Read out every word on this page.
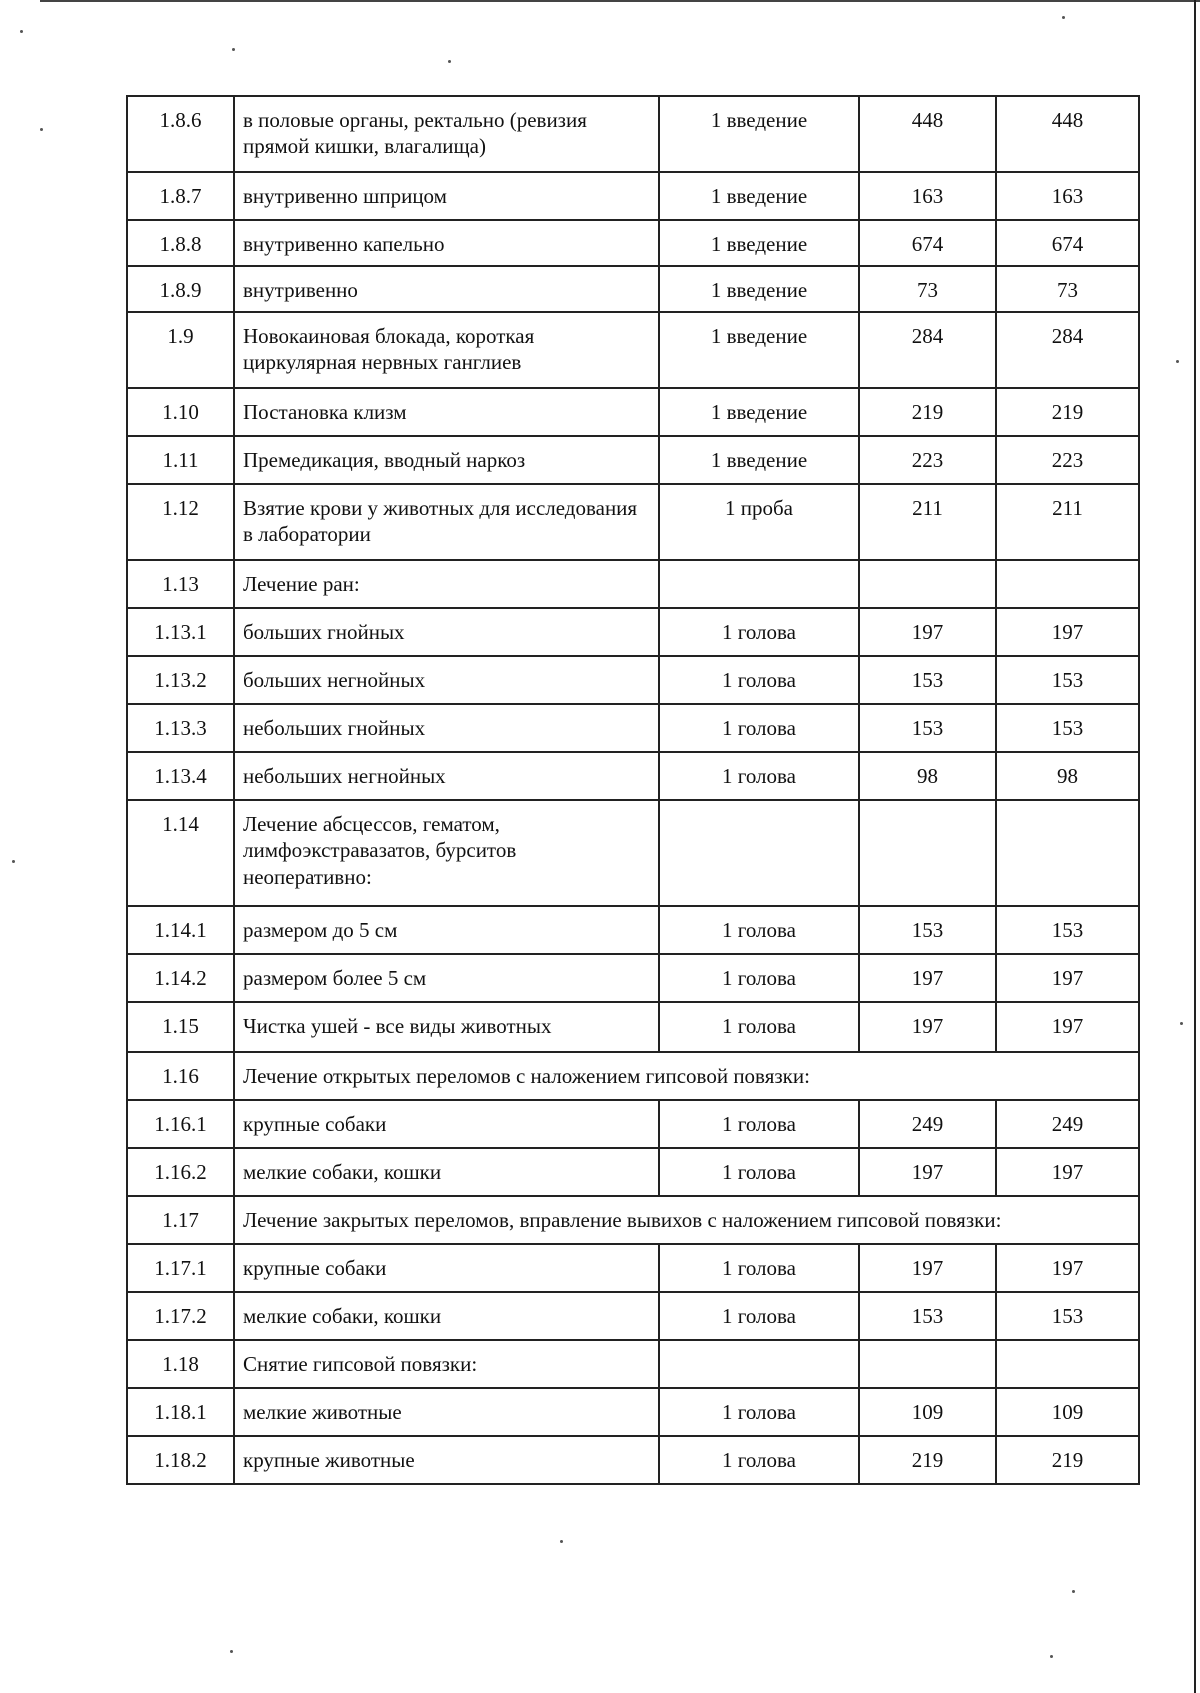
1.8.6	в половые органы, ректально (ревизия прямой кишки, влагалища)	1 введение	448	448
1.8.7	внутривенно шприцом	1 введение	163	163
1.8.8	внутривенно капельно	1 введение	674	674
1.8.9	внутривенно	1 введение	73	73
1.9	Новокаиновая блокада, короткая циркулярная нервных ганглиев	1 введение	284	284
1.10	Постановка клизм	1 введение	219	219
1.11	Премедикация, вводный наркоз	1 введение	223	223
1.12	Взятие крови у животных для исследования в лаборатории	1 проба	211	211
1.13	Лечение ран:			
1.13.1	больших гнойных	1 голова	197	197
1.13.2	больших негнойных	1 голова	153	153
1.13.3	небольших гнойных	1 голова	153	153
1.13.4	небольших негнойных	1 голова	98	98
1.14	Лечение абсцессов, гематом, лимфоэкстравазатов, бурситов неоперативно:			
1.14.1	размером до 5 см	1 голова	153	153
1.14.2	размером более 5 см	1 голова	197	197
1.15	Чистка ушей - все виды животных	1 голова	197	197
1.16	Лечение открытых переломов с наложением гипсовой повязки:			
1.16.1	крупные собаки	1 голова	249	249
1.16.2	мелкие собаки, кошки	1 голова	197	197
1.17	Лечение закрытых переломов, вправление вывихов с наложением гипсовой повязки:			
1.17.1	крупные собаки	1 голова	197	197
1.17.2	мелкие собаки, кошки	1 голова	153	153
1.18	Снятие гипсовой повязки:			
1.18.1	мелкие животные	1 голова	109	109
1.18.2	крупные животные	1 голова	219	219
